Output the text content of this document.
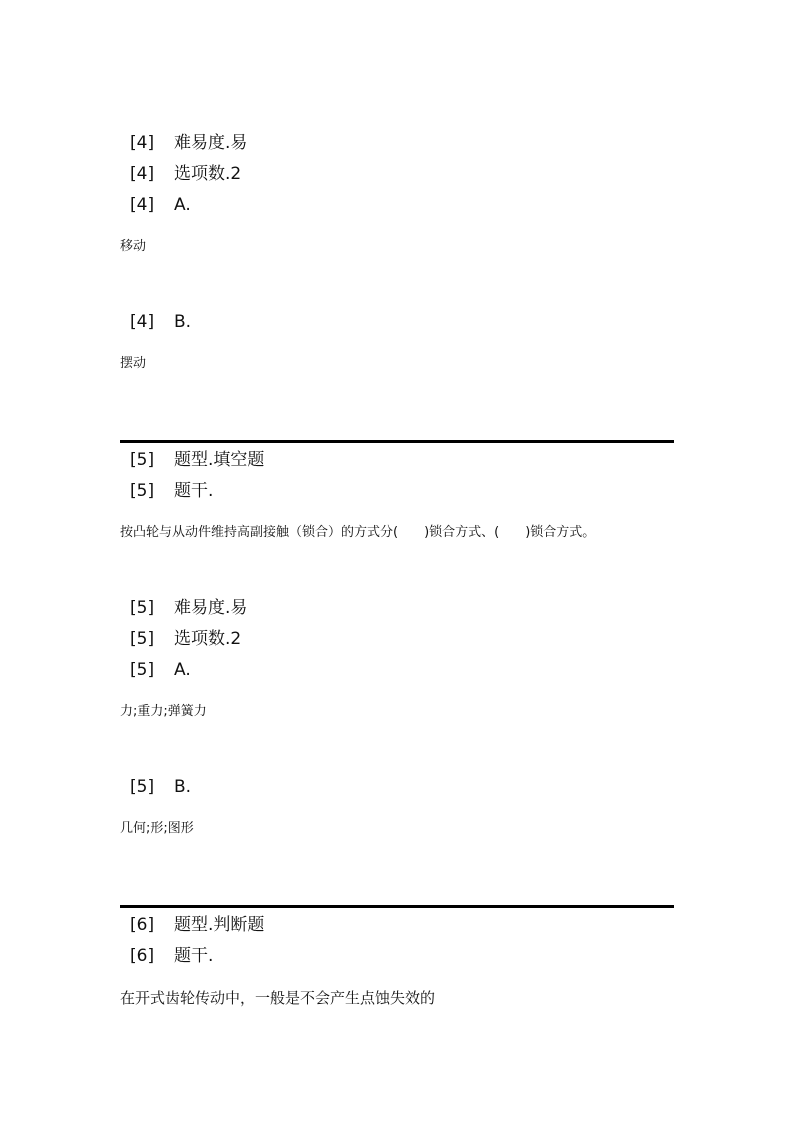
[4] 难易度.易
[4] 选项数.2
[4] A.
移动
[4] B.
摆动
[5] 题型.填空题
[5] 题干.
按凸轮与从动件维持高副接触（锁合）的方式分(　　)锁合方式、(　　)锁合方式。
[5] 难易度.易
[5] 选项数.2
[5] A.
力;重力;弹簧力
[5] B.
几何;形;图形
[6] 题型.判断题
[6] 题干.
在开式齿轮传动中，一般是不会产生点蚀失效的
